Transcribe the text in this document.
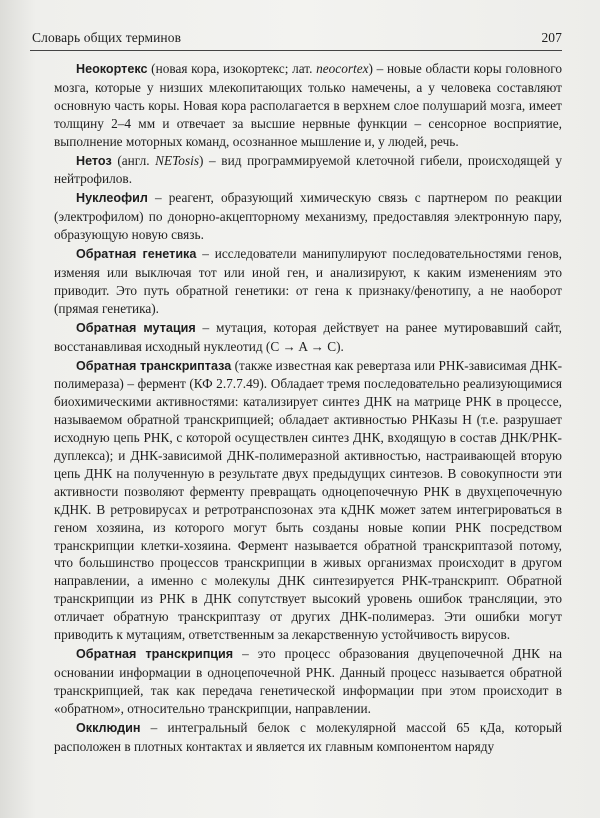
Словарь общих терминов	207

Неокортекс (новая кора, изокортекс; лат. neocortex) – новые области коры головного мозга, которые у низших млекопитающих только намечены, а у человека составляют основную часть коры. Новая кора располагается в верхнем слое полушарий мозга, имеет толщину 2–4 мм и отвечает за высшие нервные функции – сенсорное восприятие, выполнение моторных команд, осознанное мышление и, у людей, речь.

Нетоз (англ. NETosis) – вид программируемой клеточной гибели, происходящей у нейтрофилов.

Нуклеофил – реагент, образующий химическую связь с партнером по реакции (электрофилом) по донорно-акцепторному механизму, предоставляя электронную пару, образующую новую связь.

Обратная генетика – исследователи манипулируют последовательностями генов, изменяя или выключая тот или иной ген, и анализируют, к каким изменениям это приводит. Это путь обратной генетики: от гена к признаку/фенотипу, а не наоборот (прямая генетика).

Обратная мутация – мутация, которая действует на ранее мутировавший сайт, восстанавливая исходный нуклеотид (C → A → C).

Обратная транскриптаза (также известная как ревертаза или РНК-зависимая ДНК-полимераза) – фермент (КФ 2.7.7.49). Обладает тремя последовательно реализующимися биохимическими активностями: катализирует синтез ДНК на матрице РНК в процессе, называемом обратной транскрипцией; обладает активностью РНКазы Н (т.е. разрушает исходную цепь РНК, с которой осуществлен синтез ДНК, входящую в состав ДНК/РНК-дуплекса); и ДНК-зависимой ДНК-полимеразной активностью, настраивающей вторую цепь ДНК на полученную в результате двух предыдущих синтезов. В совокупности эти активности позволяют ферменту превращать одноцепочечную РНК в двухцепочечную кДНК. В ретровирусах и ретротранспозонах эта кДНК может затем интегрироваться в геном хозяина, из которого могут быть созданы новые копии РНК посредством транскрипции клетки-хозяина. Фермент называется обратной транскриптазой потому, что большинство процессов транскрипции в живых организмах происходит в другом направлении, а именно с молекулы ДНК синтезируется РНК-транскрипт. Обратной транскрипции из РНК в ДНК сопутствует высокий уровень ошибок трансляции, это отличает обратную транскриптазу от других ДНК-полимераз. Эти ошибки могут приводить к мутациям, ответственным за лекарственную устойчивость вирусов.

Обратная транскрипция – это процесс образования двуцепочечной ДНК на основании информации в одноцепочечной РНК. Данный процесс называется обратной транскрипцией, так как передача генетической информации при этом происходит в «обратном», относительно транскрипции, направлении.

Окклюдин – интегральный белок с молекулярной массой 65 кДа, который расположен в плотных контактах и является их главным компонентом наряду
